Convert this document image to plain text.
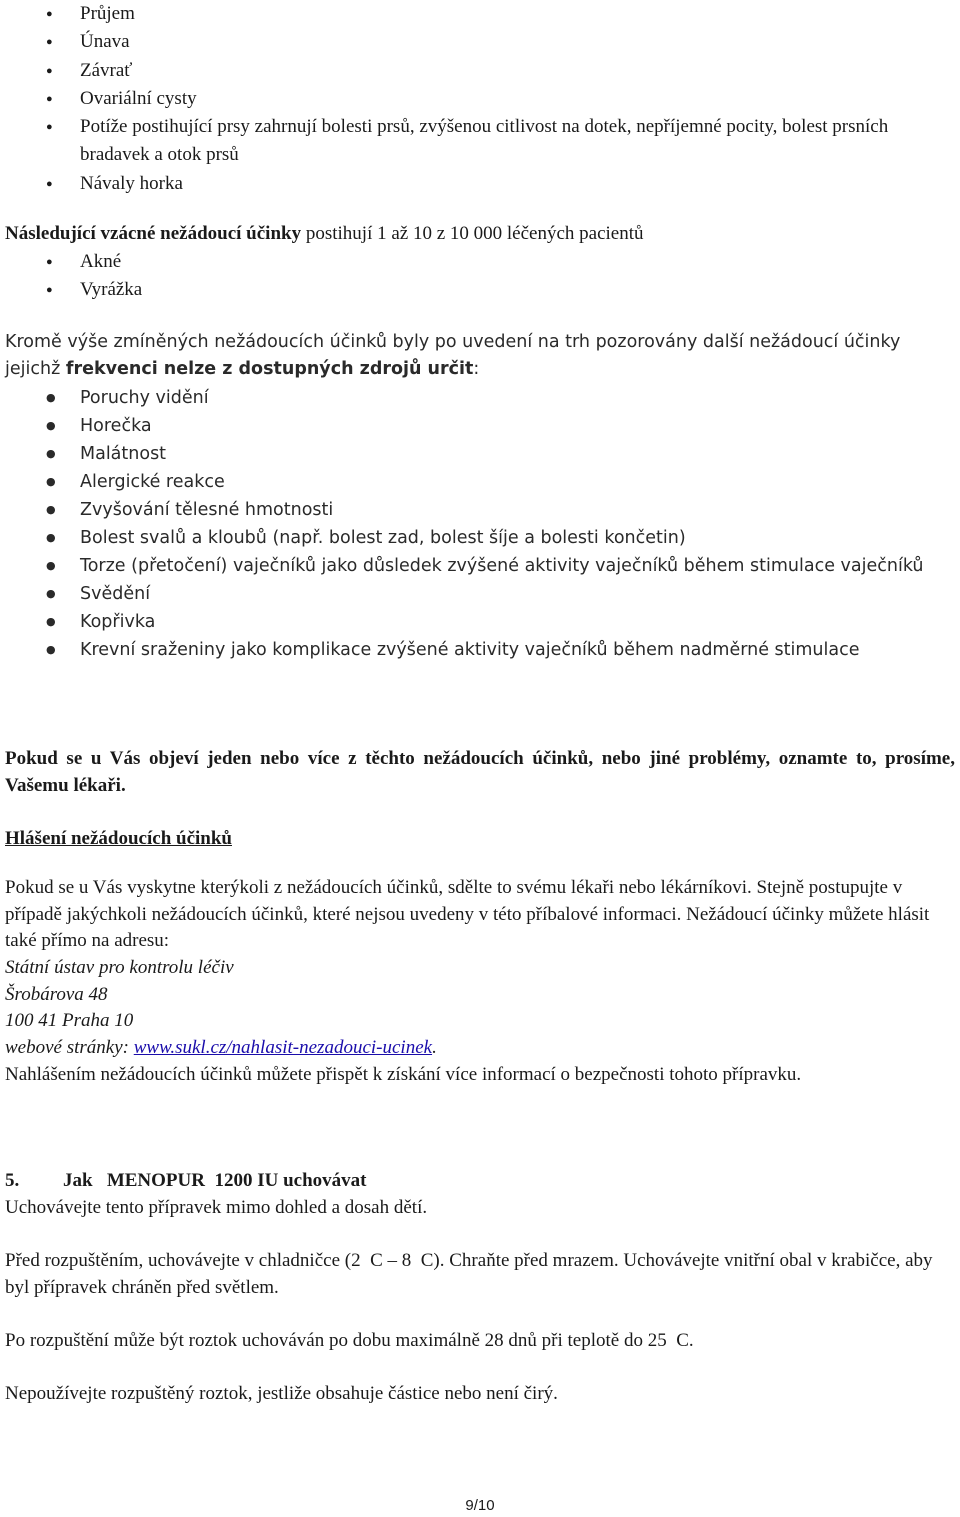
● Průjem
● Únava
● Závrať
● Ovariální cysty
● Potíže postihující prsy zahrnují bolesti prsů, zvýšenou citlivost na dotek, nepříjemné pocity, bolest prsních bradavek a otok prsů
● Návaly horka

Následující vzácné nežádoucí účinky postihují 1 až 10 z 10 000 léčených pacientů

● Akné
● Vyrážka

Kromě výše zmíněných nežádoucích účinků byly po uvedení na trh pozorovány další nežádoucí účinky jejichž frekvenci nelze z dostupných zdrojů určit:

● Poruchy vidění
● Horečka
● Malátnost
● Alergické reakce
● Zvyšování tělesné hmotnosti
● Bolest svalů a kloubů (např. bolest zad, bolest šíje a bolesti končetin)
● Torze (přetočení) vaječníků jako důsledek zvýšené aktivity vaječníků během stimulace vaječníků
● Svědění
● Kopřivka
● Krevní sraženiny jako komplikace zvýšené aktivity vaječníků během nadměrné stimulace

Pokud se u Vás objeví jeden nebo více z těchto nežádoucích účinků, nebo jiné problémy, oznamte to, prosíme, Vašemu lékaři.

Hlášení nežádoucích účinků

Pokud se u Vás vyskytne kterýkoli z nežádoucích účinků, sdělte to svému lékaři nebo lékárníkovi. Stejně postupujte v případě jakýchkoli nežádoucích účinků, které nejsou uvedeny v této příbalové informaci. Nežádoucí účinky můžete hlásit také přímo na adresu:

Státní ústav pro kontrolu léčiv
Šrobárova 48
100 41 Praha 10
webové stránky: www.sukl.cz/nahlasit-nezadouci-ucinek.

Nahlášením nežádoucích účinků můžete přispět k získání více informací o bezpečnosti tohoto přípravku.

5. Jak   MENOPUR  1200 IU uchovávat

Uchovávejte tento přípravek mimo dohled a dosah dětí.

Před rozpuštěním, uchovávejte v chladničce (2  C – 8  C). Chraňte před mrazem. Uchovávejte vnitřní obal v krabičce, aby byl přípravek chráněn před světlem.

Po rozpuštění může být roztok uchováván po dobu maximálně 28 dnů při teplotě do 25  C.

Nepoužívejte rozpuštěný roztok, jestliže obsahuje částice nebo není čirý.

9/10
